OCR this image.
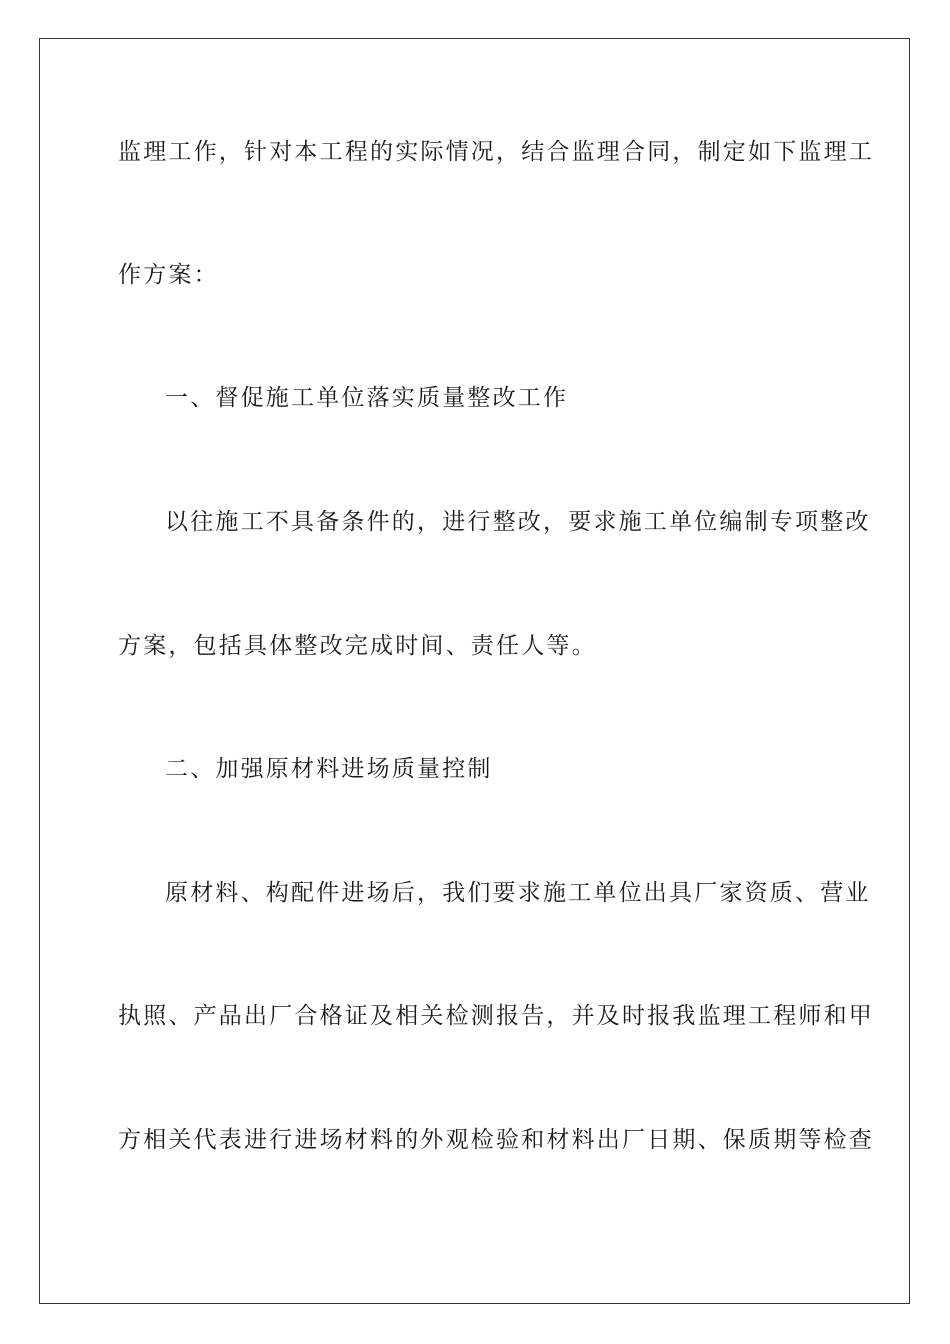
监理工作，针对本工程的实际情况，结合监理合同，制定如下监理工
作方案：
一、督促施工单位落实质量整改工作
以往施工不具备条件的，进行整改，要求施工单位编制专项整改
方案，包括具体整改完成时间、责任人等。
二、加强原材料进场质量控制
原材料、构配件进场后，我们要求施工单位出具厂家资质、营业
执照、产品出厂合格证及相关检测报告，并及时报我监理工程师和甲
方相关代表进行进场材料的外观检验和材料出厂日期、保质期等检查
